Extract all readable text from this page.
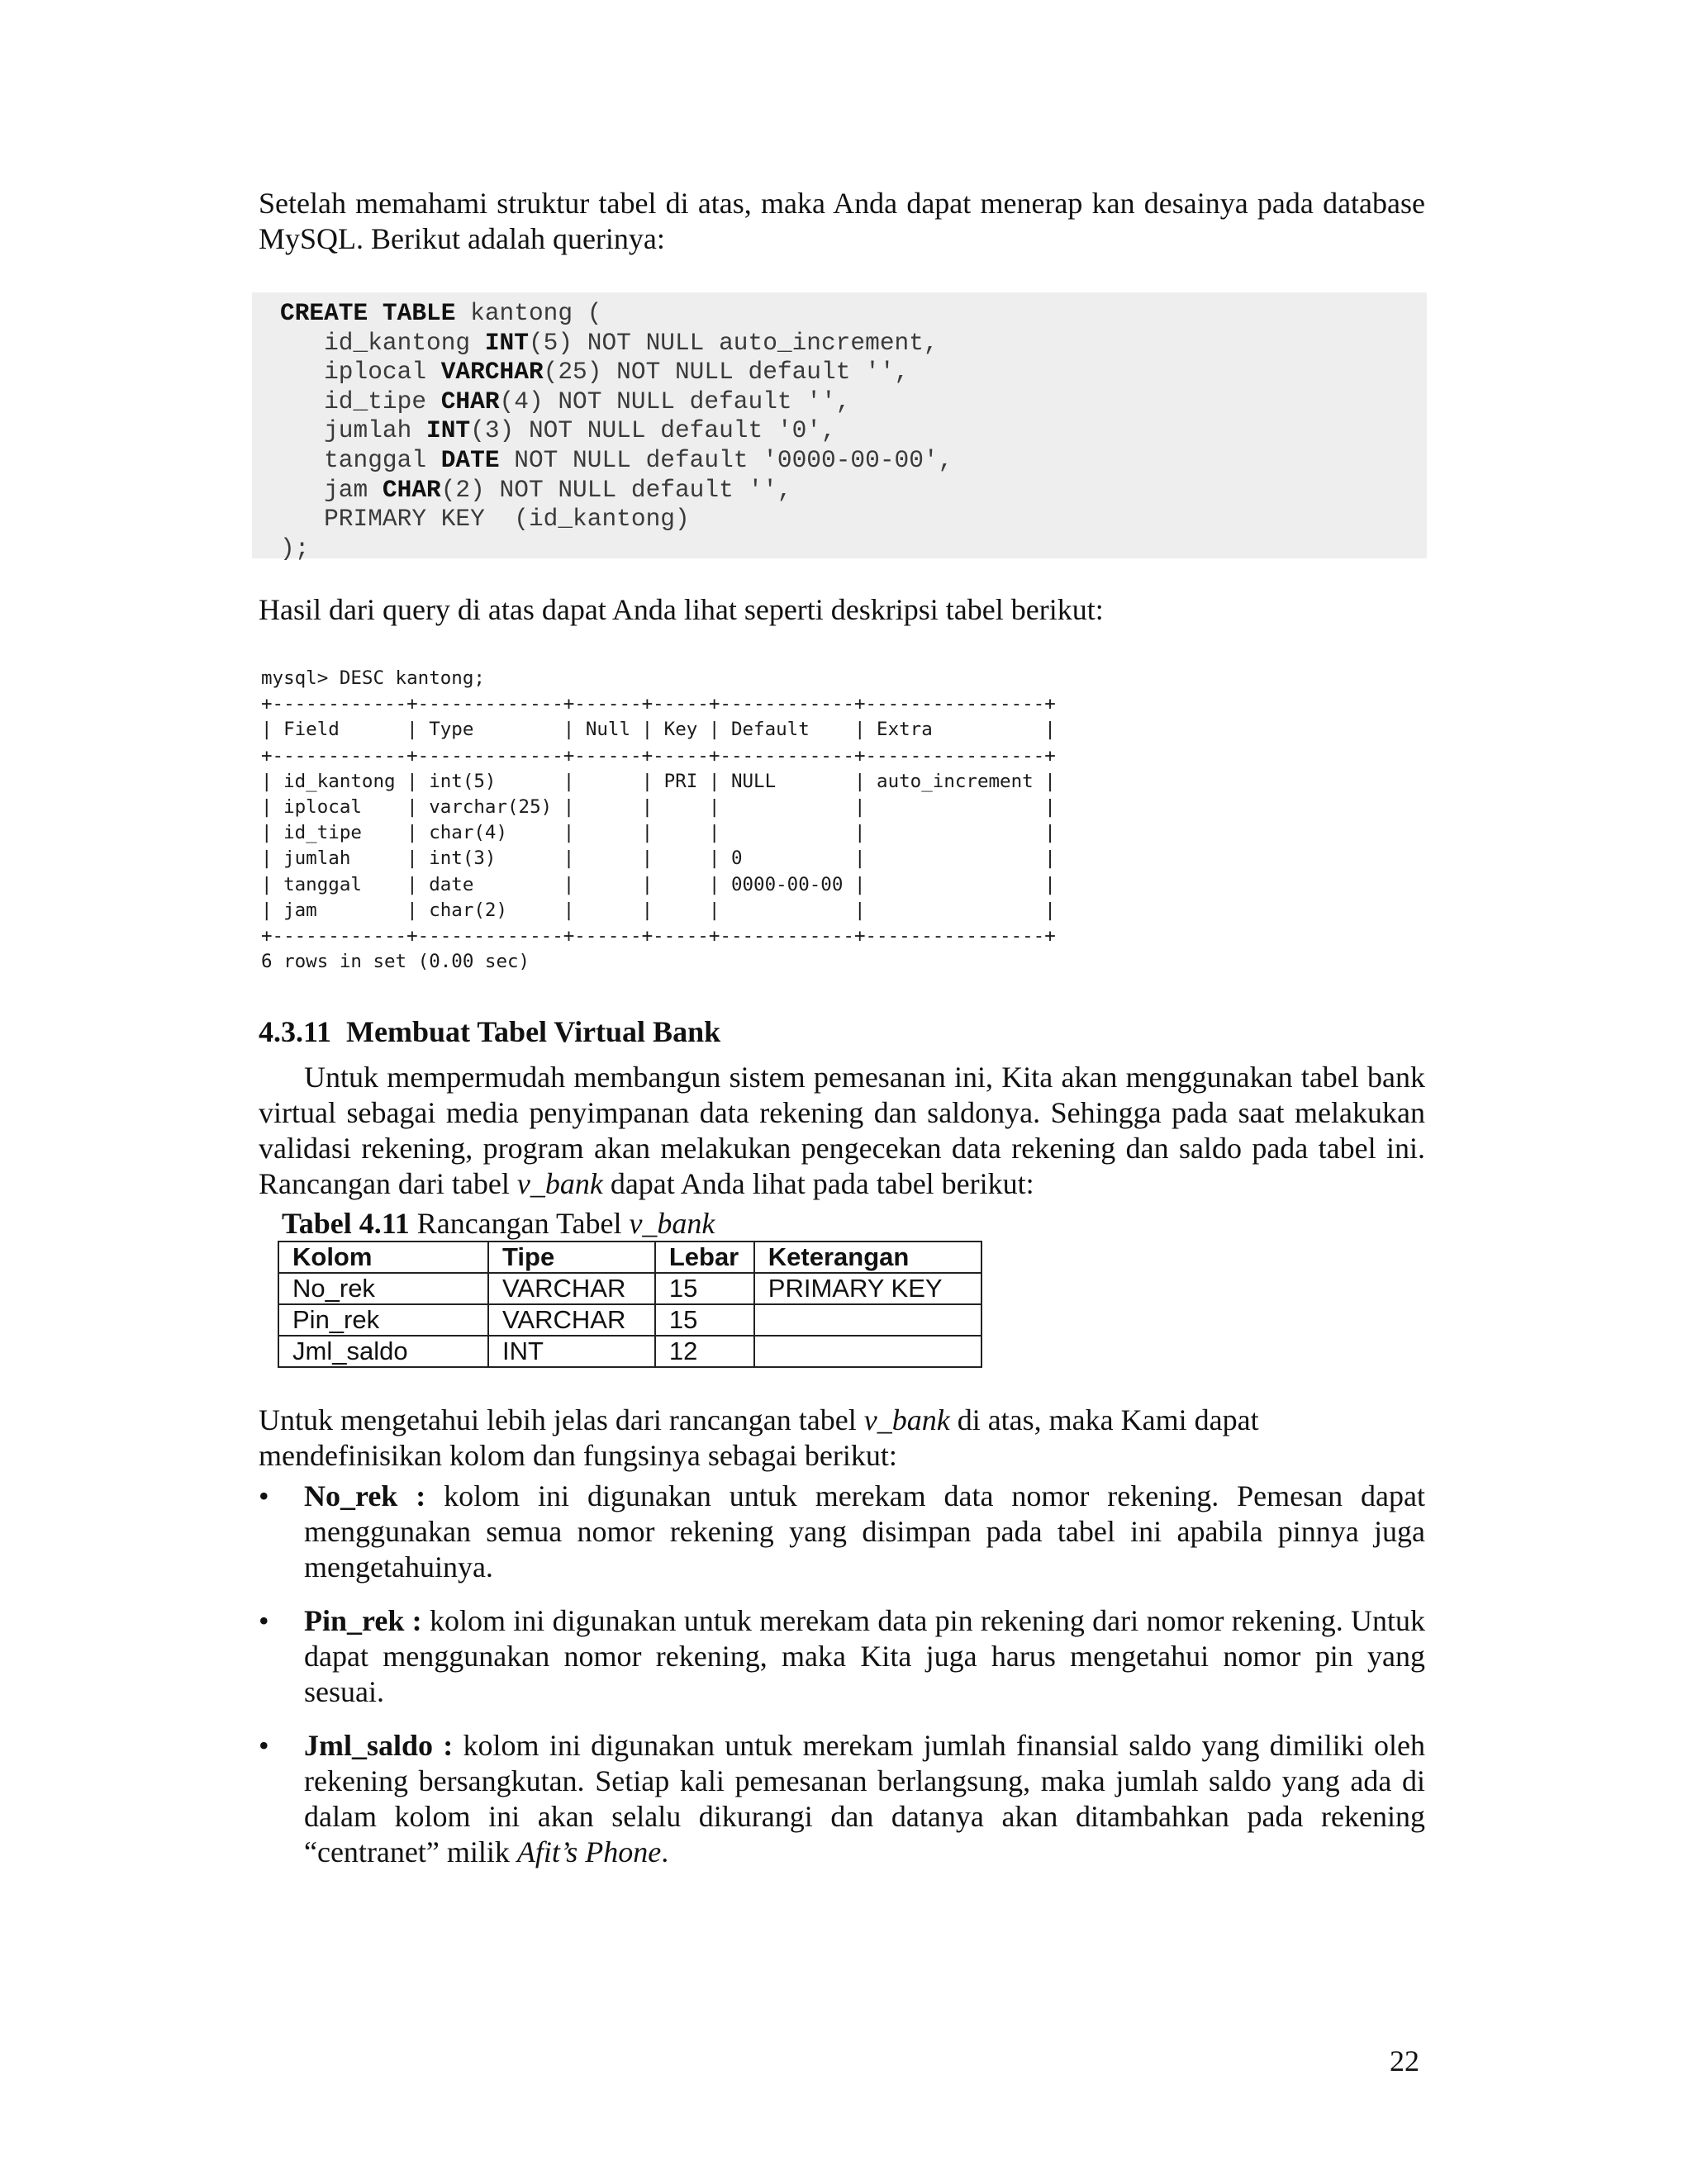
Setelah memahami struktur tabel di atas, maka Anda dapat menerap kan desainya pada database MySQL. Berikut adalah querinya:

CREATE TABLE kantong (
id_kantong INT(5) NOT NULL auto_increment,
iplocal VARCHAR(25) NOT NULL default '',
id_tipe CHAR(4) NOT NULL default '',
jumlah INT(3) NOT NULL default '0',
tanggal DATE NOT NULL default '0000-00-00',
jam CHAR(2) NOT NULL default '',
PRIMARY KEY  (id_kantong)
);

Hasil dari query di atas dapat Anda lihat seperti deskripsi tabel berikut:

mysql> DESC kantong;
+------------+-------------+------+-----+------------+----------------+
| Field      | Type        | Null | Key | Default    | Extra          |
+------------+-------------+------+-----+------------+----------------+
| id_kantong | int(5)      |      | PRI | NULL       | auto_increment |
| iplocal    | varchar(25) |      |     |            |                |
| id_tipe    | char(4)     |      |     |            |                |
| jumlah     | int(3)      |      |     | 0          |                |
| tanggal    | date        |      |     | 0000-00-00 |                |
| jam        | char(2)     |      |     |            |                |
+------------+-------------+------+-----+------------+----------------+
6 rows in set (0.00 sec)

4.3.11 Membuat Tabel Virtual Bank

Untuk mempermudah membangun sistem pemesanan ini, Kita akan menggunakan tabel bank virtual sebagai media penyimpanan data rekening dan saldonya. Sehingga pada saat melakukan validasi rekening, program akan melakukan pengecekan data rekening dan saldo pada tabel ini. Rancangan dari tabel v_bank dapat Anda lihat pada tabel berikut:

Tabel 4.11 Rancangan Tabel v_bank

Kolom	Tipe	Lebar	Keterangan
No_rek	VARCHAR	15	PRIMARY KEY
Pin_rek	VARCHAR	15	
Jml_saldo	INT	12	

Untuk mengetahui lebih jelas dari rancangan tabel v_bank di atas, maka Kami dapat mendefinisikan kolom dan fungsinya sebagai berikut:

•	No_rek : kolom ini digunakan untuk merekam data nomor rekening. Pemesan dapat menggunakan semua nomor rekening yang disimpan pada tabel ini apabila pinnya juga mengetahuinya.
•	Pin_rek : kolom ini digunakan untuk merekam data pin rekening dari nomor rekening. Untuk dapat menggunakan nomor rekening, maka Kita juga harus mengetahui nomor pin yang sesuai.
•	Jml_saldo : kolom ini digunakan untuk merekam jumlah finansial saldo yang dimiliki oleh rekening bersangkutan. Setiap kali pemesanan berlangsung, maka jumlah saldo yang ada di dalam kolom ini akan selalu dikurangi dan datanya akan ditambahkan pada rekening “centranet” milik Afit’s Phone.
22
